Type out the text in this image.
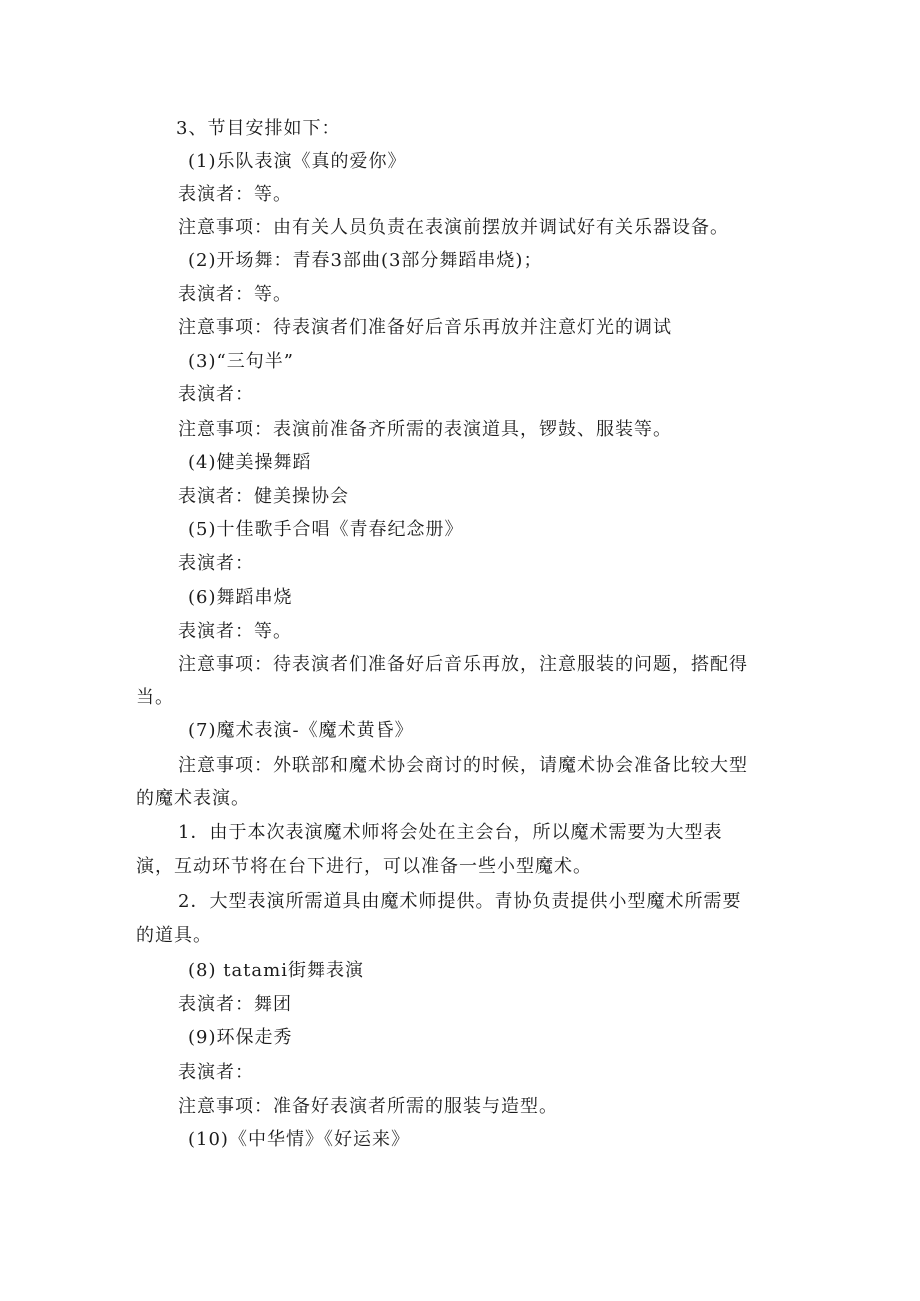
3、节目安排如下：
(1)乐队表演《真的爱你》
表演者：等。
注意事项：由有关人员负责在表演前摆放并调试好有关乐器设备。
(2)开场舞：青春3部曲(3部分舞蹈串烧)；
表演者：等。
注意事项：待表演者们准备好后音乐再放并注意灯光的调试
(3)“三句半”
表演者：
注意事项：表演前准备齐所需的表演道具，锣鼓、服装等。
(4)健美操舞蹈
表演者：健美操协会
(5)十佳歌手合唱《青春纪念册》
表演者：
(6)舞蹈串烧
表演者：等。
注意事项：待表演者们准备好后音乐再放，注意服装的问题，搭配得
当。
(7)魔术表演-《魔术黄昏》
注意事项：外联部和魔术协会商讨的时候，请魔术协会准备比较大型
的魔术表演。
1．由于本次表演魔术师将会处在主会台，所以魔术需要为大型表
演，互动环节将在台下进行，可以准备一些小型魔术。
2．大型表演所需道具由魔术师提供。青协负责提供小型魔术所需要
的道具。
(8) tatami街舞表演
表演者：舞团
(9)环保走秀
表演者：
注意事项：准备好表演者所需的服装与造型。
(10)《中华情》《好运来》
